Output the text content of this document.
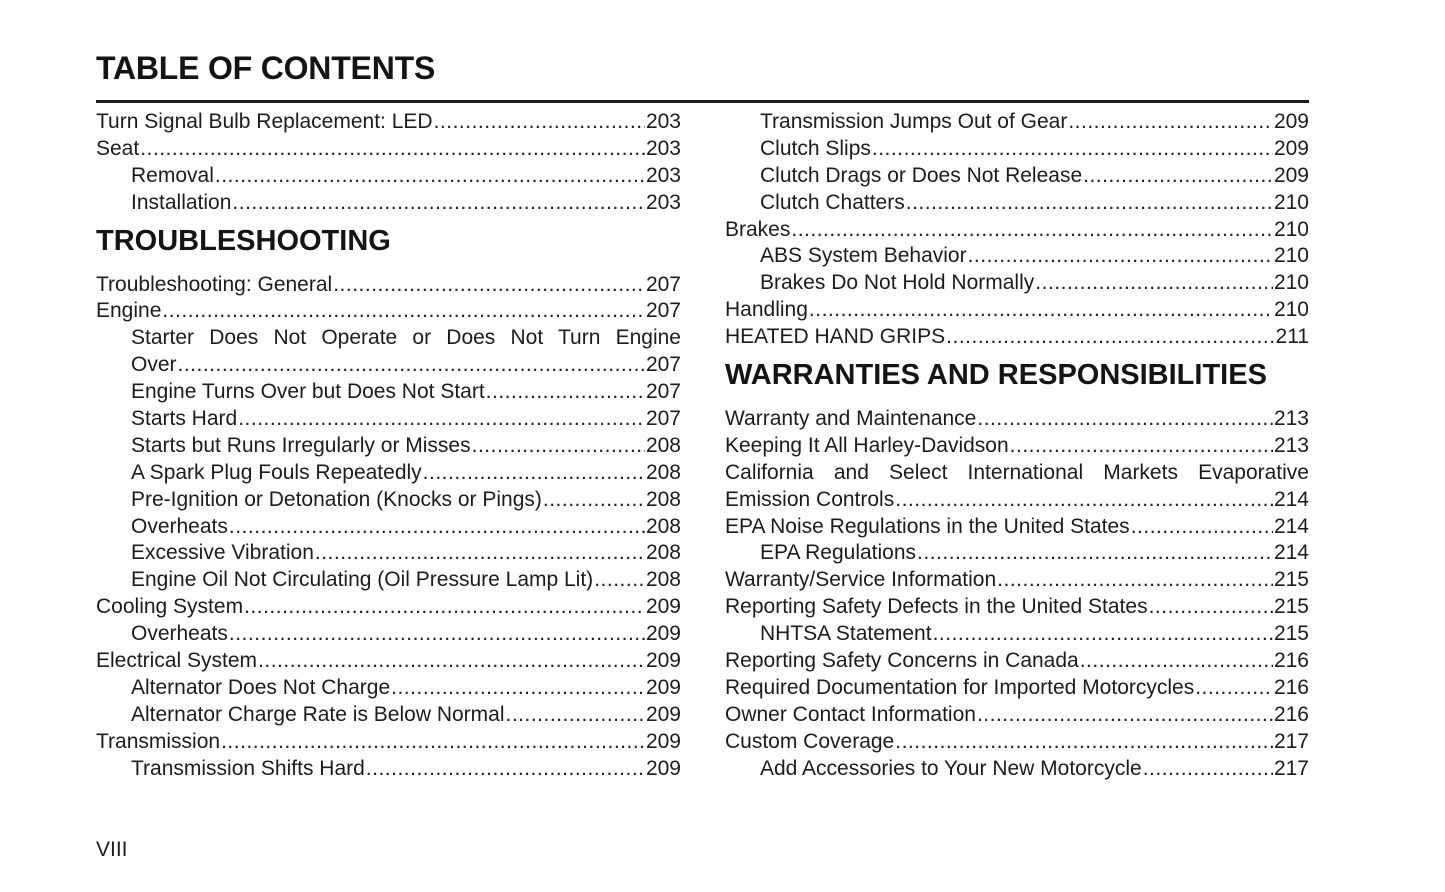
TABLE OF CONTENTS
Turn Signal Bulb Replacement: LED .....	203
Seat .....	203
Removal .....	203
Installation .....	203
TROUBLESHOOTING
Troubleshooting: General .....	207
Engine .....	207
Starter Does Not Operate or Does Not Turn Engine
Over .....	207
Engine Turns Over but Does Not Start .....	207
Starts Hard .....	207
Starts but Runs Irregularly or Misses .....	208
A Spark Plug Fouls Repeatedly .....	208
Pre-Ignition or Detonation (Knocks or Pings) .....	208
Overheats .....	208
Excessive Vibration .....	208
Engine Oil Not Circulating (Oil Pressure Lamp Lit) .....	208
Cooling System .....	209
Overheats .....	209
Electrical System .....	209
Alternator Does Not Charge .....	209
Alternator Charge Rate is Below Normal .....	209
Transmission .....	209
Transmission Shifts Hard .....	209
Transmission Jumps Out of Gear .....	209
Clutch Slips .....	209
Clutch Drags or Does Not Release .....	209
Clutch Chatters .....	210
Brakes .....	210
ABS System Behavior .....	210
Brakes Do Not Hold Normally .....	210
Handling .....	210
HEATED HAND GRIPS .....	211
WARRANTIES AND RESPONSIBILITIES
Warranty and Maintenance .....	213
Keeping It All Harley-Davidson .....	213
California and Select International Markets Evaporative
Emission Controls .....	214
EPA Noise Regulations in the United States .....	214
EPA Regulations .....	214
Warranty/Service Information .....	215
Reporting Safety Defects in the United States .....	215
NHTSA Statement .....	215
Reporting Safety Concerns in Canada .....	216
Required Documentation for Imported Motorcycles .....	216
Owner Contact Information .....	216
Custom Coverage .....	217
Add Accessories to Your New Motorcycle .....	217
VIII
